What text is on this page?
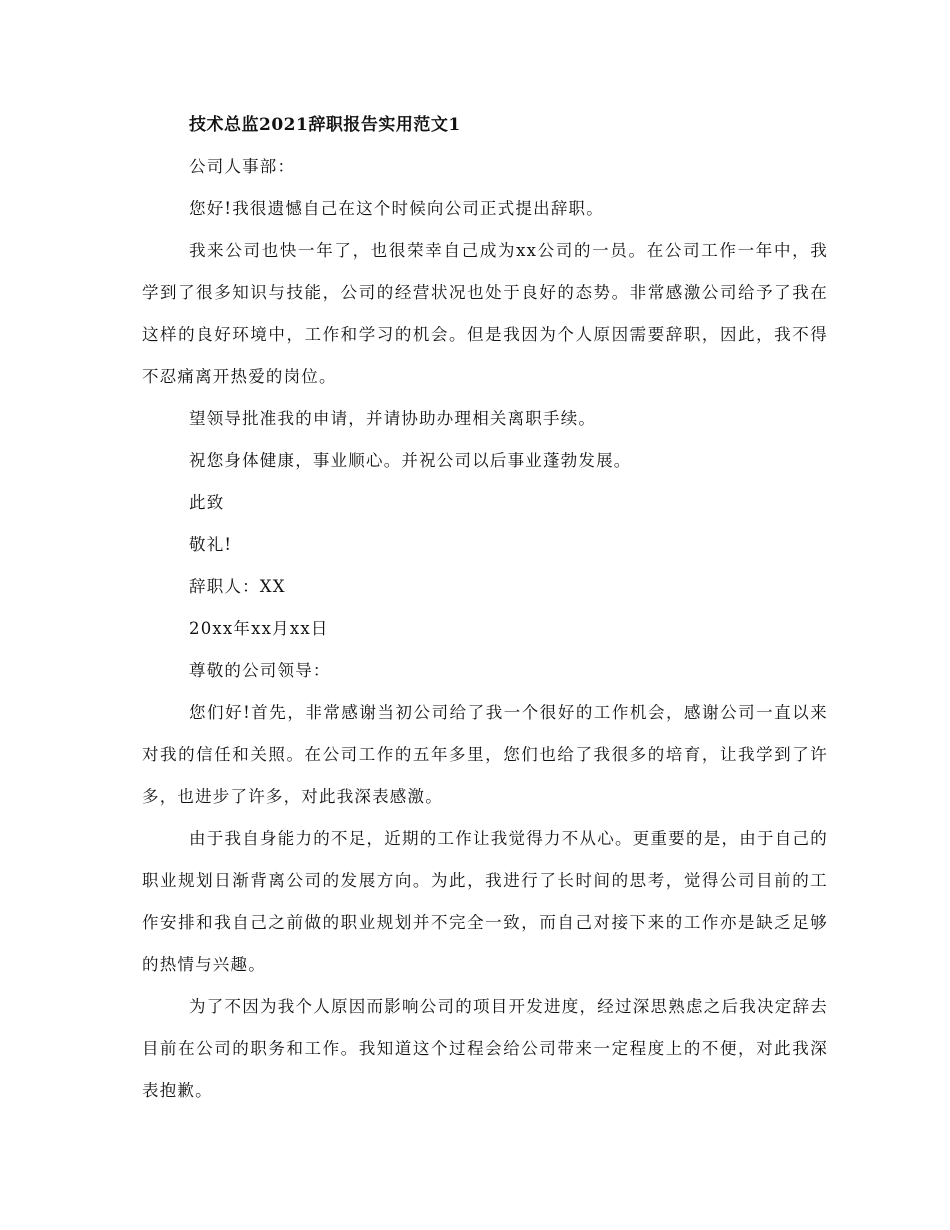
技术总监2021辞职报告实用范文1

公司人事部：

您好!我很遗憾自己在这个时候向公司正式提出辞职。

我来公司也快一年了，也很荣幸自己成为xx公司的一员。在公司工作一年中，我学到了很多知识与技能，公司的经营状况也处于良好的态势。非常感激公司给予了我在这样的良好环境中，工作和学习的机会。但是我因为个人原因需要辞职，因此，我不得不忍痛离开热爱的岗位。

望领导批准我的申请，并请协助办理相关离职手续。

祝您身体健康，事业顺心。并祝公司以后事业蓬勃发展。

此致

敬礼!

辞职人：XX

20xx年xx月xx日

尊敬的公司领导：

您们好!首先，非常感谢当初公司给了我一个很好的工作机会，感谢公司一直以来对我的信任和关照。在公司工作的五年多里，您们也给了我很多的培育，让我学到了许多，也进步了许多，对此我深表感激。

由于我自身能力的不足，近期的工作让我觉得力不从心。更重要的是，由于自己的职业规划日渐背离公司的发展方向。为此，我进行了长时间的思考，觉得公司目前的工作安排和我自己之前做的职业规划并不完全一致，而自己对接下来的工作亦是缺乏足够的热情与兴趣。

为了不因为我个人原因而影响公司的项目开发进度，经过深思熟虑之后我决定辞去目前在公司的职务和工作。我知道这个过程会给公司带来一定程度上的不便，对此我深表抱歉。
